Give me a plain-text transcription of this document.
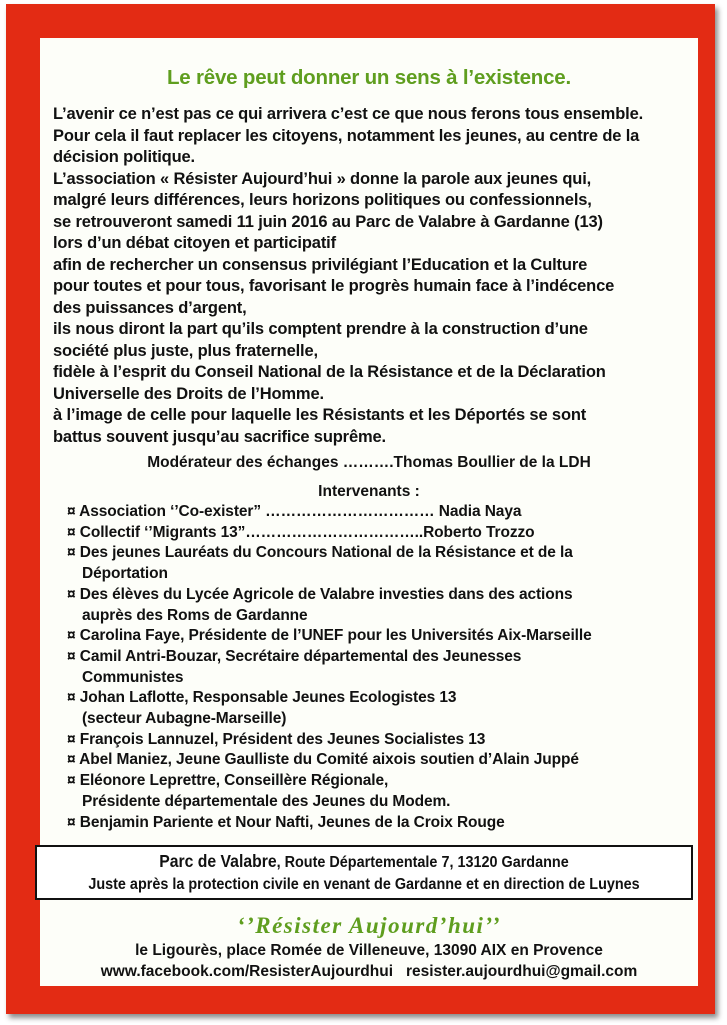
Le rêve peut donner un sens à l’existence.
L’avenir ce n’est pas ce qui arrivera c’est ce que nous ferons tous ensemble.
Pour cela il faut replacer les citoyens, notamment les jeunes, au centre de la
décision politique.
L’association « Résister Aujourd’hui » donne la parole aux jeunes qui,
malgré leurs différences, leurs horizons politiques ou confessionnels,
se retrouveront samedi 11 juin 2016 au Parc de Valabre à Gardanne (13)
lors d’un débat citoyen et participatif
afin de rechercher un consensus privilégiant l’Education et la Culture
pour toutes et pour tous, favorisant le progrès humain face à l’indécence
des puissances d’argent,
ils nous diront la part qu’ils comptent prendre à la construction d’une
société plus juste, plus fraternelle,
fidèle à l’esprit du Conseil National de la Résistance et de la Déclaration
Universelle des Droits de l’Homme.
à l’image de celle pour laquelle les Résistants et les Déportés se sont
battus souvent jusqu’au sacrifice suprême.
Modérateur des échanges ……….Thomas Boullier de la LDH
Intervenants :
¤ Association ‘’Co-exister” …………………………… Nadia Naya
¤ Collectif ‘’Migrants 13”……………………………..Roberto Trozzo
¤ Des jeunes Lauréats du Concours National de la Résistance et de la
Déportation
¤ Des élèves du Lycée Agricole de Valabre investies dans des actions
auprès des Roms de Gardanne
¤ Carolina Faye, Présidente de l’UNEF pour les Universités Aix-Marseille
¤ Camil Antri-Bouzar, Secrétaire départemental des Jeunesses
Communistes
¤ Johan Laflotte, Responsable Jeunes Ecologistes 13
(secteur Aubagne-Marseille)
¤ François Lannuzel, Président des Jeunes Socialistes 13
¤ Abel Maniez, Jeune Gaulliste du Comité aixois soutien d’Alain Juppé
¤ Eléonore Leprettre, Conseillère Régionale,
Présidente départementale des Jeunes du Modem.
¤ Benjamin Pariente et Nour Nafti, Jeunes de la Croix Rouge
Parc de Valabre, Route Départementale 7, 13120 Gardanne
Juste après la protection civile en venant de Gardanne et en direction de Luynes
‘’Résister Aujourd’hui’’
le Ligourès, place Romée de Villeneuve, 13090 AIX en Provence
www.facebook.com/ResisterAujourdhui resister.aujourdhui@gmail.com
